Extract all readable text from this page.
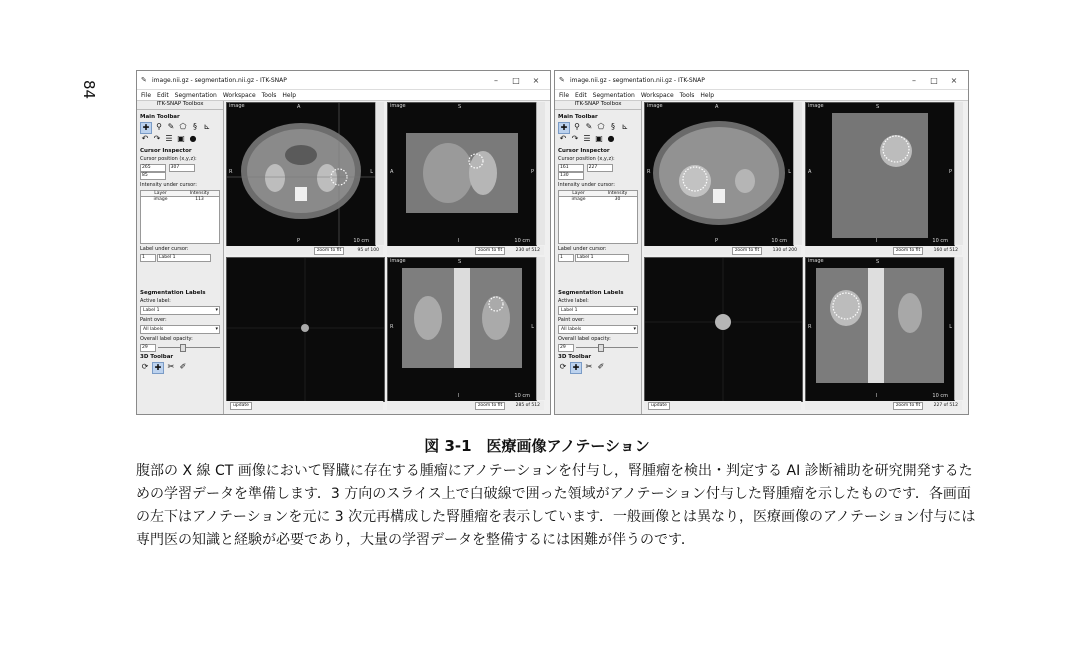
84	✎ image.nii.gz - segmentation.nii.gz - ITK-SNAP	–	□	×
File Edit Segmentation Workspace Tools Help
ITK-SNAP Toolbox
Main Toolbar
✚ ⚲ ✎ ⬠ § ⊾
↶ ↷ ☰ ▣ ●
Cursor Inspector
Cursor position (x,y,z):
265	307 85
Intensity under cursor:
Layer	Intensity
image	113
Label under cursor:
1	Label 1
Segmentation Labels
Active label:
Label 1 ▾
Paint over:
All labels ▾
Overall label opacity:
29
3D Toolbar
⟳ ✚ ✂ ✐
image	A
R	L
P	10 cm
zoom to fit	95 of 100
image	S
A	P
I	10 cm
zoom to fit	230 of 512
update
image	S
R	L
I	10 cm
zoom to fit	285 of 512
✎ image.nii.gz - segmentation.nii.gz - ITK-SNAP	–	□	×
File Edit Segmentation Workspace Tools Help
ITK-SNAP Toolbox
Main Toolbar
✚ ⚲ ✎ ⬠ § ⊾
↶ ↷ ☰ ▣ ●
Cursor Inspector
Cursor position (x,y,z):
161	227 130
Intensity under cursor:
Layer	Intensity
image	30
Label under cursor:
1	Label 1
Segmentation Labels
Active label:
Label 1 ▾
Paint over:
All labels ▾
Overall label opacity:
29
3D Toolbar
⟳ ✚ ✂ ✐
image	A
R	L
P	10 cm
zoom to fit	130 of 200
image	S
A	P
I	10 cm
zoom to fit	160 of 512
update
image	S
R	L
I	10 cm
zoom to fit	227 of 512
図 3-1　医療画像アノテーション
腹部の X 線 CT 画像において腎臓に存在する腫瘤にアノテーションを付与し，腎腫瘤を検出・判定する AI 診断補助を研究開発するための学習データを準備します．3 方向のスライス上で白破線で囲った領域がアノテーション付与した腎腫瘤を示したものです．各画面の左下はアノテーションを元に 3 次元再構成した腎腫瘤を表示しています．一般画像とは異なり，医療画像のアノテーション付与には専門医の知識と経験が必要であり，大量の学習データを整備するには困難が伴うのです．
